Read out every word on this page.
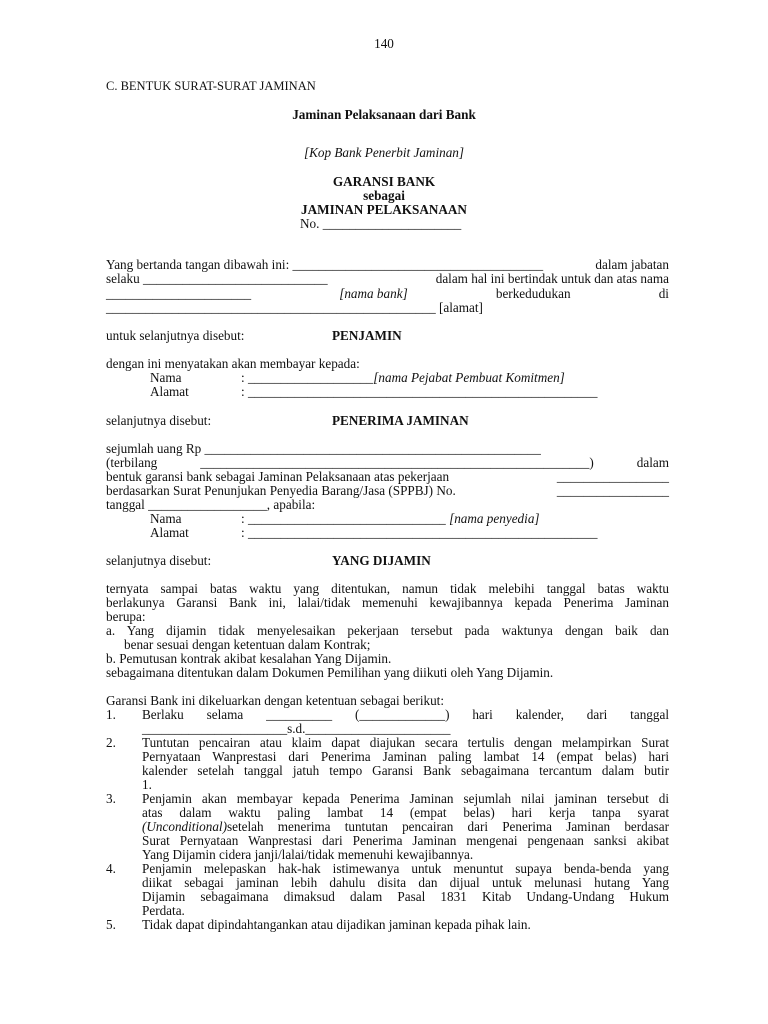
140
C. BENTUK SURAT-SURAT JAMINAN
Jaminan Pelaksanaan dari Bank
[Kop Bank Penerbit Jaminan]
GARANSI BANK
sebagai
JAMINAN PELAKSANAAN
No. _____________________
Yang bertanda tangan dibawah ini: ______________________________________	dalam jabatan
selaku ____________________________	dalam hal ini bertindak untuk dan atas nama
______________________	[nama bank]	berkedudukan	di
__________________________________________________ [alamat]
untuk selanjutnya disebut:	PENJAMIN
dengan ini menyatakan akan membayar kepada:
Nama	: ___________________[nama Pejabat Pembuat Komitmen]
Alamat	: _____________________________________________________
selanjutnya disebut:	PENERIMA JAMINAN
sejumlah uang Rp ___________________________________________________
(terbilang	___________________________________________________________)	dalam
bentuk garansi bank sebagai Jaminan Pelaksanaan atas pekerjaan	_________________
berdasarkan Surat Penunjukan Penyedia Barang/Jasa (SPPBJ) No.	_________________
tanggal __________________, apabila:
Nama	: ______________________________ [nama penyedia]
Alamat	: _____________________________________________________
selanjutnya disebut:	YANG DIJAMIN
ternyata sampai batas waktu yang ditentukan, namun tidak melebihi tanggal batas waktu
berlakunya Garansi Bank ini, lalai/tidak memenuhi kewajibannya kepada Penerima Jaminan
berupa:
a. Yang dijamin tidak menyelesaikan pekerjaan tersebut pada waktunya dengan baik dan
benar sesuai dengan ketentuan dalam Kontrak;
b. Pemutusan kontrak akibat kesalahan Yang Dijamin.
sebagaimana ditentukan dalam Dokumen Pemilihan yang diikuti oleh Yang Dijamin.
Garansi Bank ini dikeluarkan dengan ketentuan sebagai berikut:
1. Berlaku selama __________ (_____________) hari kalender, dari tanggal
______________________s.d.______________________
2. Tuntutan pencairan atau klaim dapat diajukan secara tertulis dengan melampirkan Surat
Pernyataan Wanprestasi dari Penerima Jaminan paling lambat 14 (empat belas) hari
kalender setelah tanggal jatuh tempo Garansi Bank sebagaimana tercantum dalam butir
1.
3. Penjamin akan membayar kepada Penerima Jaminan sejumlah nilai jaminan tersebut di
atas dalam waktu paling lambat 14 (empat belas) hari kerja tanpa syarat
(Unconditional)setelah menerima tuntutan pencairan dari Penerima Jaminan berdasar
Surat Pernyataan Wanprestasi dari Penerima Jaminan mengenai pengenaan sanksi akibat
Yang Dijamin cidera janji/lalai/tidak memenuhi kewajibannya.
4. Penjamin melepaskan hak-hak istimewanya untuk menuntut supaya benda-benda yang
diikat sebagai jaminan lebih dahulu disita dan dijual untuk melunasi hutang Yang
Dijamin sebagaimana dimaksud dalam Pasal 1831 Kitab Undang-Undang Hukum
Perdata.
5. Tidak dapat dipindahtangankan atau dijadikan jaminan kepada pihak lain.
